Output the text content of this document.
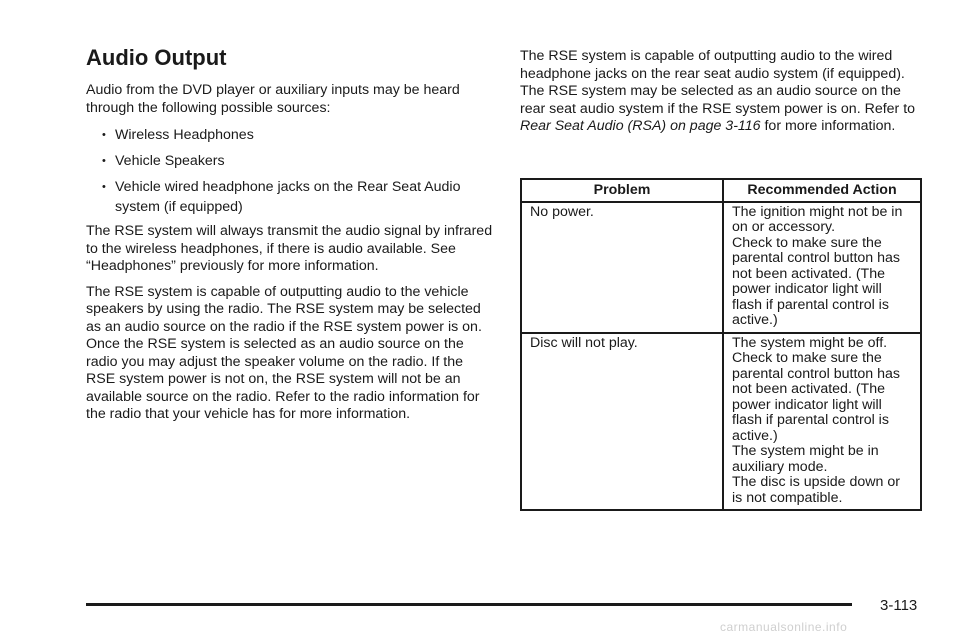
Audio Output

Audio from the DVD player or auxiliary inputs may be heard through the following possible sources:

• Wireless Headphones
• Vehicle Speakers
• Vehicle wired headphone jacks on the Rear Seat Audio system (if equipped)

The RSE system will always transmit the audio signal by infrared to the wireless headphones, if there is audio available. See “Headphones” previously for more information.

The RSE system is capable of outputting audio to the vehicle speakers by using the radio. The RSE system may be selected as an audio source on the radio if the RSE system power is on. Once the RSE system is selected as an audio source on the radio you may adjust the speaker volume on the radio. If the RSE system power is not on, the RSE system will not be an available source on the radio. Refer to the radio information for the radio that your vehicle has for more information.

The RSE system is capable of outputting audio to the wired headphone jacks on the rear seat audio system (if equipped). The RSE system may be selected as an audio source on the rear seat audio system if the RSE system power is on. Refer to Rear Seat Audio (RSA) on page 3-116 for more information.

Problem	Recommended Action
No power.	The ignition might not be in on or accessory.
Check to make sure the parental control button has not been activated. (The power indicator light will flash if parental control is active.)

Disc will not play.	The system might be off.
Check to make sure the parental control button has not been activated. (The power indicator light will flash if parental control is active.)
The system might be in auxiliary mode.
The disc is upside down or is not compatible.
3-113
carmanualsonline.info
